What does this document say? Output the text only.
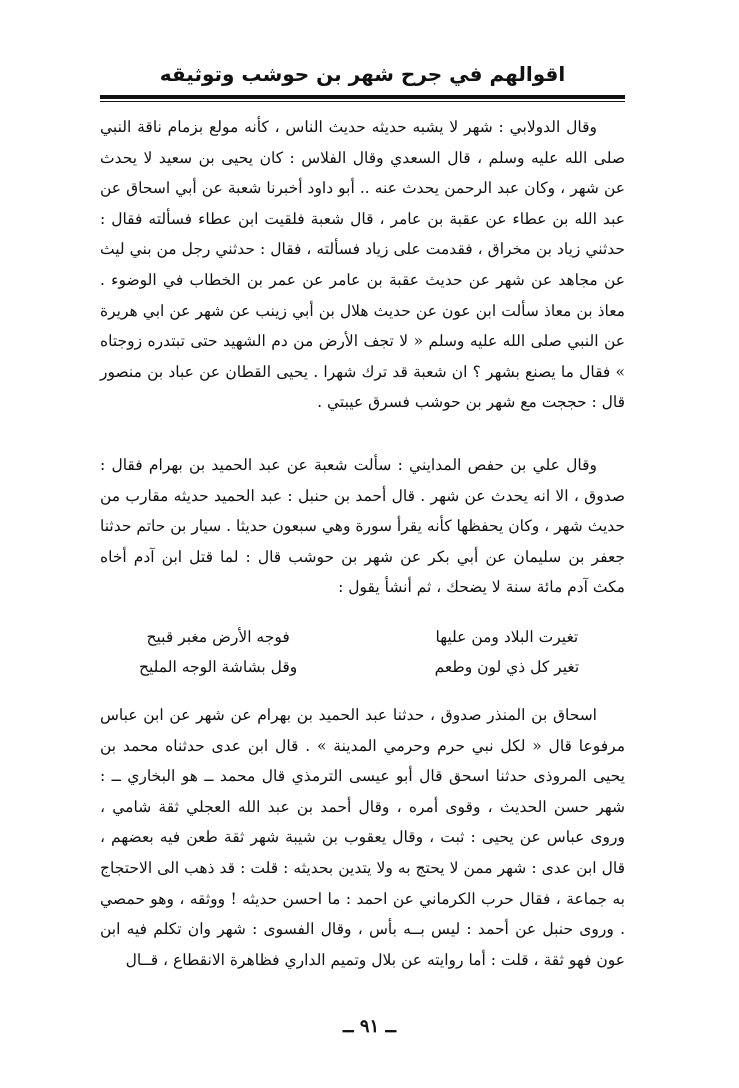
اقوالهم في جرح شهر بن حوشب وتوثيقه

وقال الدولابي : شهر لا يشبه حديثه حديث الناس ، كأنه مولع بزمام ناقة النبي صلى الله عليه وسلم ، قال السعدي وقال الفلاس : كان يحيى بن سعيد لا يحدث عن شهر ، وكان عبد الرحمن يحدث عنه .. أبو داود أخبرنا شعبة عن أبي اسحاق عن عبد الله بن عطاء عن عقبة بن عامر ، قال شعبة فلقيت ابن عطاء فسألته فقال : حدثني زياد بن مخراق ، فقدمت على زياد فسألته ، فقال : حدثني رجل من بني ليث عن مجاهد عن شهر عن حديث عقبة بن عامر عن عمر بن الخطاب في الوضوء . معاذ بن معاذ سألت ابن عون عن حديث هلال بن أبي زينب عن شهر عن ابي هريرة عن النبي صلى الله عليه وسلم « لا تجف الأرض من دم الشهيد حتى تبتدره زوجتاه » فقال ما يصنع بشهر ؟ ان شعبة قد ترك شهرا . يحيى القطان عن عباد بن منصور قال : حججت مع شهر بن حوشب فسرق عيبتي .

وقال علي بن حفص المدايني : سألت شعبة عن عبد الحميد بن بهرام فقال : صدوق ، الا انه يحدث عن شهر . قال أحمد بن حنبل : عبد الحميد حديثه مقارب من حديث شهر ، وكان يحفظها كأنه يقرأ سورة وهي سبعون حديثا . سيار بن حاتم حدثنا جعفر بن سليمان عن أبي بكر عن شهر بن حوشب قال : لما قتل ابن آدم أخاه مكث آدم مائة سنة لا يضحك ، ثم أنشأ يقول :

تغيرت البلاد ومن عليها
فوجه الأرض مغبر قبيح
تغير كل ذي لون وطعم
وقل بشاشة الوجه المليح

اسحاق بن المنذر صدوق ، حدثنا عبد الحميد بن بهرام عن شهر عن ابن عباس مرفوعا قال « لكل نبي حرم وحرمي المدينة » . قال ابن عدى حدثناه محمد بن يحيى المروذى حدثنا اسحق قال أبو عيسى الترمذي قال محمد ــ هو البخاري ــ : شهر حسن الحديث ، وقوى أمره ، وقال أحمد بن عبد الله العجلي ثقة شامي ، وروى عباس عن يحيى : ثبت ، وقال يعقوب بن شيبة شهر ثقة طعن فيه بعضهم ، قال ابن عدى : شهر ممن لا يحتج به ولا يتدين بحديثه : قلت : قد ذهب الى الاحتجاج به جماعة ، فقال حرب الكرماني عن احمد : ما احسن حديثه ! ووثقه ، وهو حمصي . وروى حنبل عن أحمد : ليس بــه بأس ، وقال الفسوى : شهر وان تكلم فيه ابن عون فهو ثقة ، قلت : أما روايته عن بلال وتميم الداري فظاهرة الانقطاع ، قــال

ــ ٩١ ــ
